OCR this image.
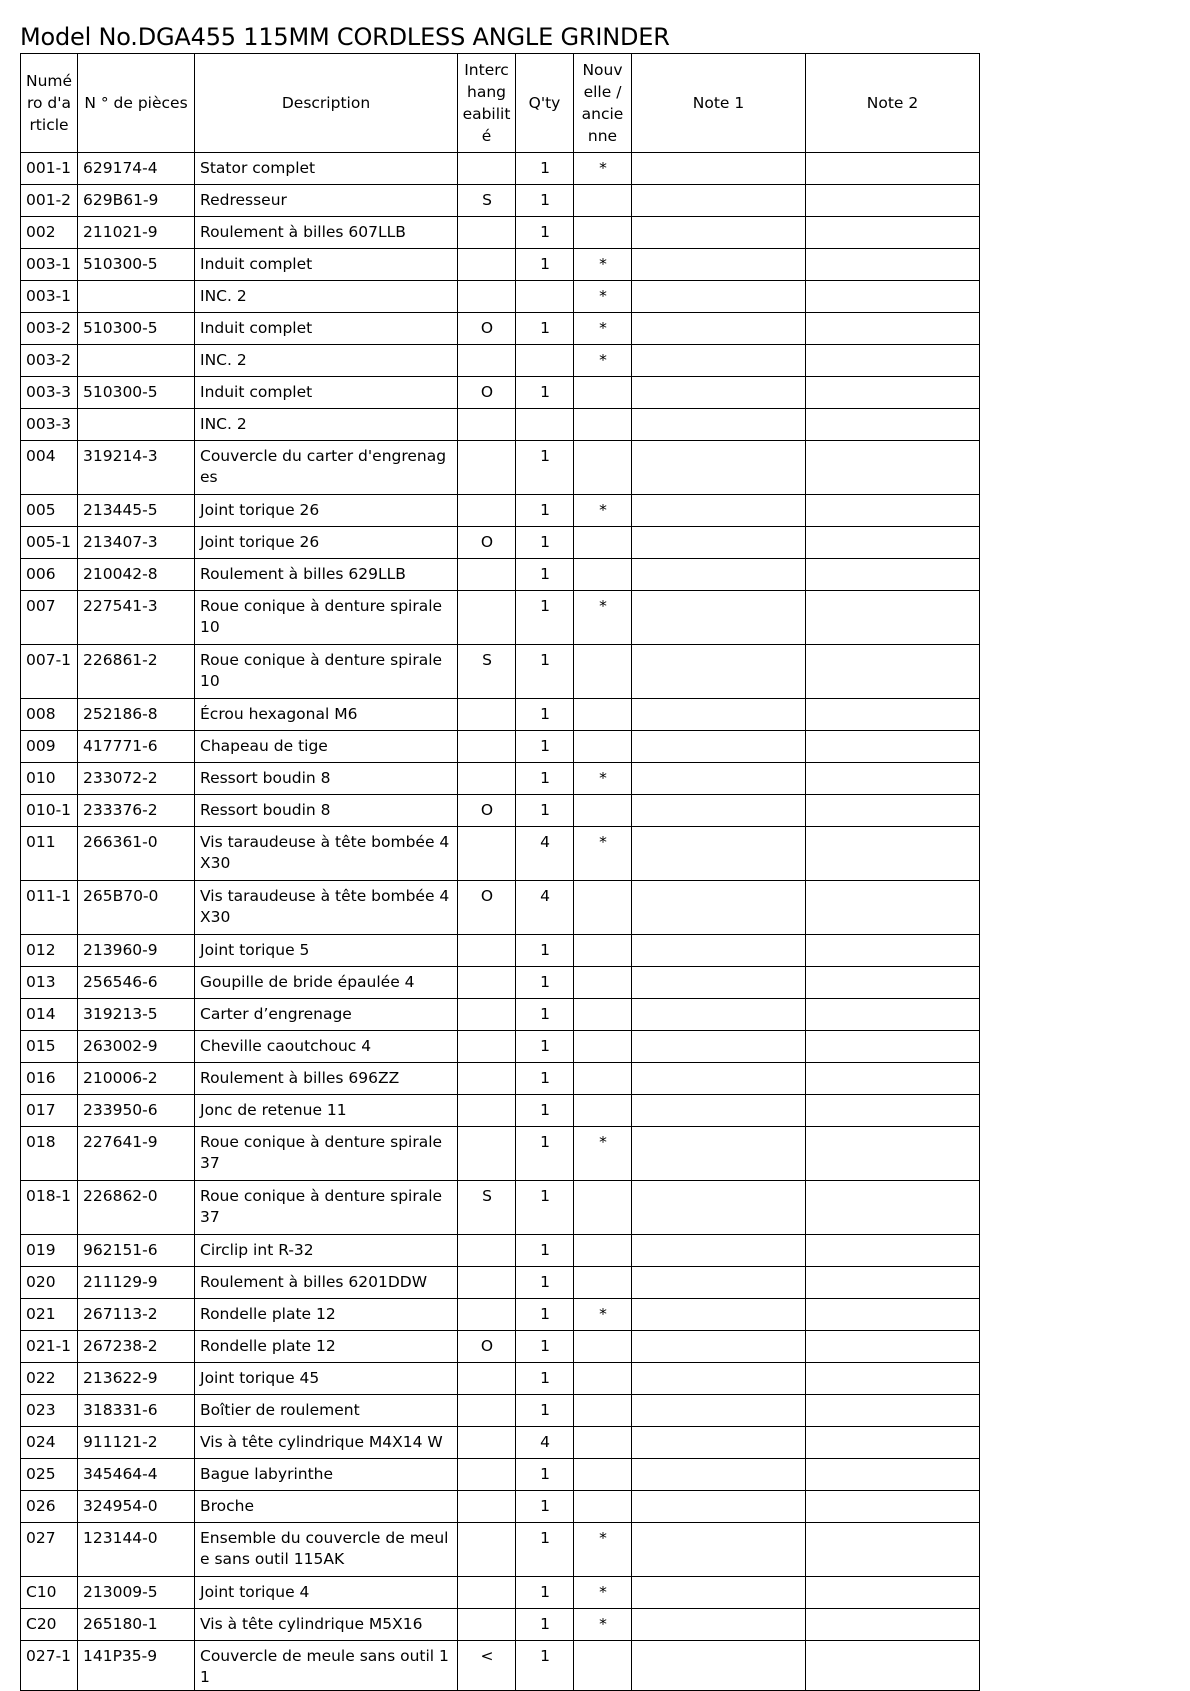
Model No.DGA455 115MM CORDLESS ANGLE GRINDER
Numé ro d'a rticle	N ° de pièces	Description	Interc hang eabilit é	Q'ty	Nouv elle / ancie nne	Note 1	Note 2
001-1	629174-4	Stator complet		1	*		
001-2	629B61-9	Redresseur	S	1			
002	211021-9	Roulement à billes 607LLB		1			
003-1	510300-5	Induit complet		1	*		
003-1		INC. 2			*		
003-2	510300-5	Induit complet	O	1	*		
003-2		INC. 2			*		
003-3	510300-5	Induit complet	O	1			
003-3		INC. 2					
004	319214-3	Couvercle du carter d'engrenages		1			
005	213445-5	Joint torique 26		1	*		
005-1	213407-3	Joint torique 26	O	1			
006	210042-8	Roulement à billes 629LLB		1			
007	227541-3	Roue conique à denture spirale 10		1	*		
007-1	226861-2	Roue conique à denture spirale 10	S	1			
008	252186-8	Écrou hexagonal M6		1			
009	417771-6	Chapeau de tige		1			
010	233072-2	Ressort boudin 8		1	*		
010-1	233376-2	Ressort boudin 8	O	1			
011	266361-0	Vis taraudeuse à tête bombée 4X30		4	*		
011-1	265B70-0	Vis taraudeuse à tête bombée 4X30	O	4			
012	213960-9	Joint torique 5		1			
013	256546-6	Goupille de bride épaulée 4		1			
014	319213-5	Carter d’engrenage		1			
015	263002-9	Cheville caoutchouc 4		1			
016	210006-2	Roulement à billes 696ZZ		1			
017	233950-6	Jonc de retenue 11		1			
018	227641-9	Roue conique à denture spirale 37		1	*		
018-1	226862-0	Roue conique à denture spirale 37	S	1			
019	962151-6	Circlip int R-32		1			
020	211129-9	Roulement à billes 6201DDW		1			
021	267113-2	Rondelle plate 12		1	*		
021-1	267238-2	Rondelle plate 12	O	1			
022	213622-9	Joint torique 45		1			
023	318331-6	Boîtier de roulement		1			
024	911121-2	Vis à tête cylindrique M4X14 W		4			
025	345464-4	Bague labyrinthe		1			
026	324954-0	Broche		1			
027	123144-0	Ensemble du couvercle de meule sans outil 115AK		1	*		
C10	213009-5	Joint torique 4		1	*		
C20	265180-1	Vis à tête cylindrique M5X16		1	*		
027-1	141P35-9	Couvercle de meule sans outil 11	<	1			
